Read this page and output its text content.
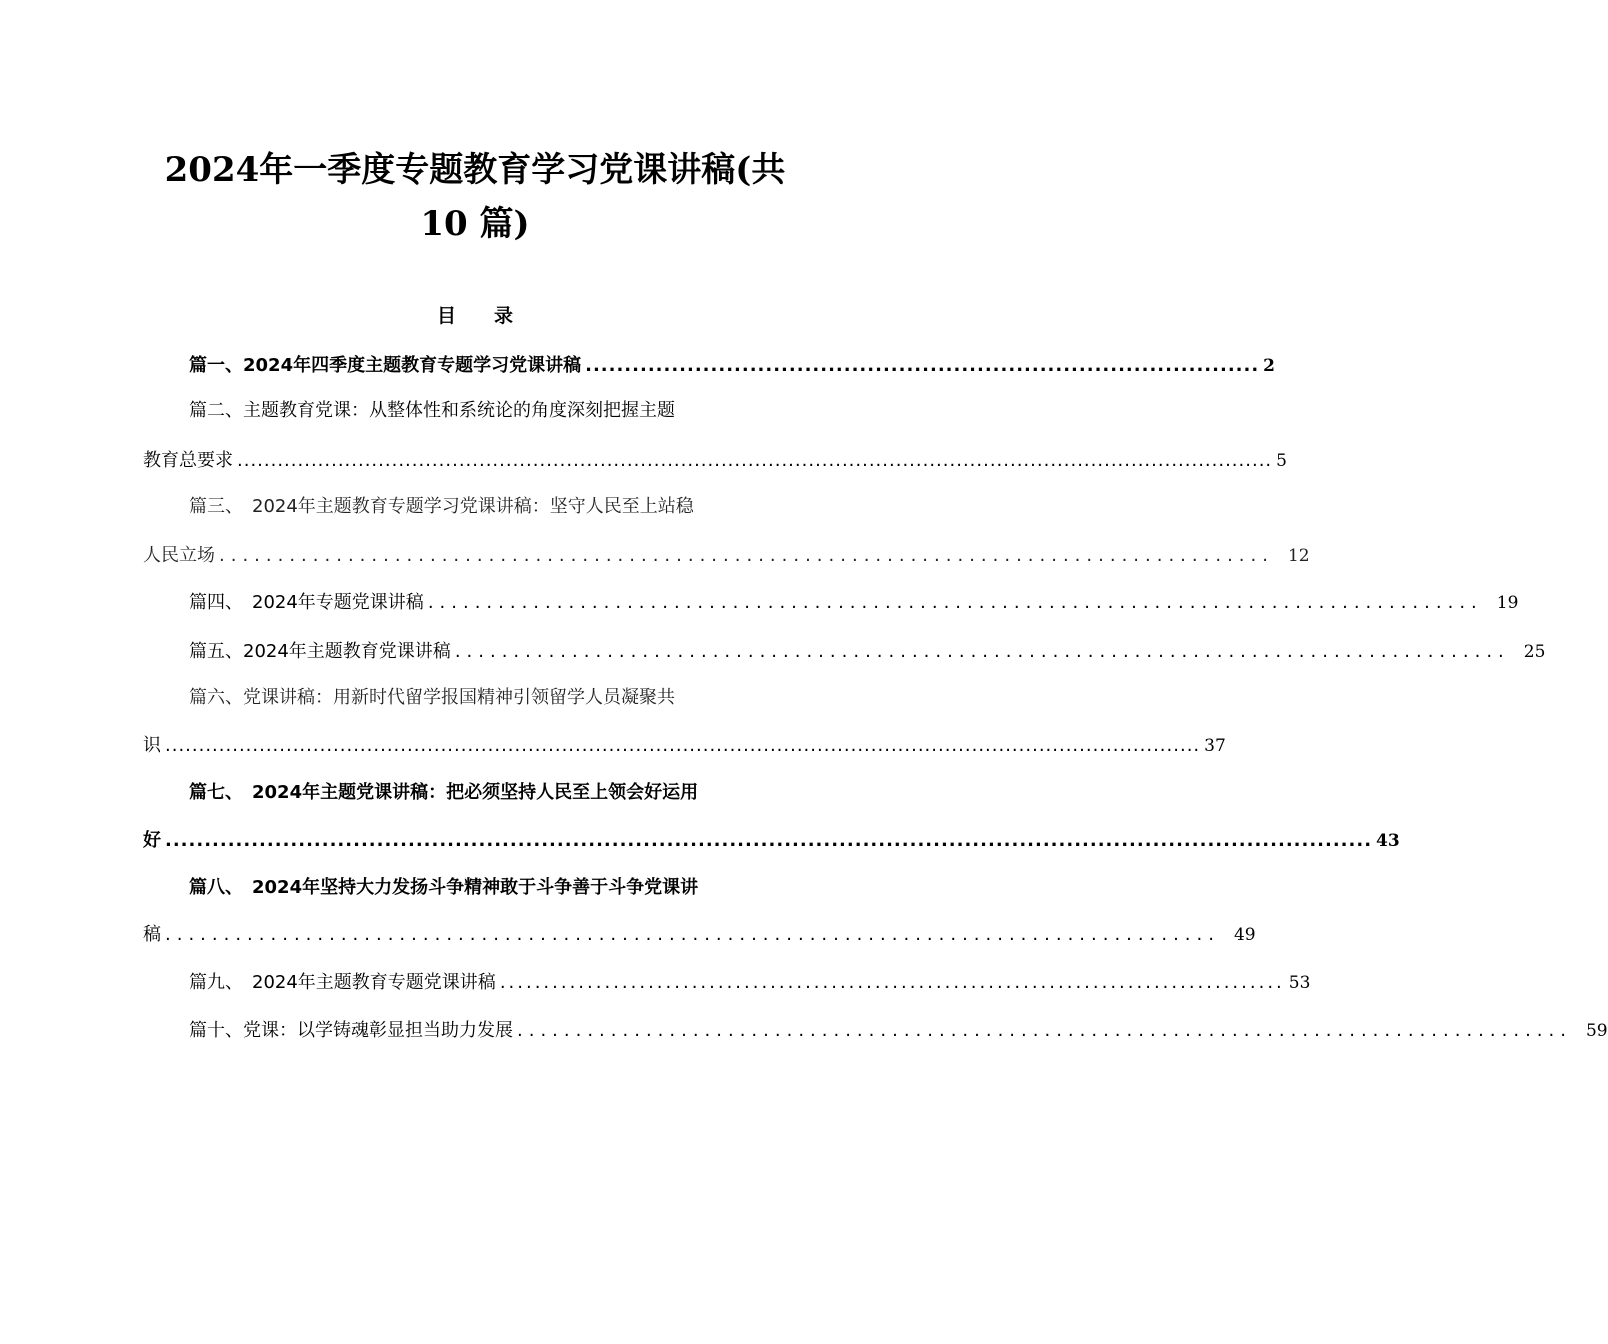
2024年一季度专题教育学习党课讲稿(共
10 篇)
目　　录
篇一、2024年四季度主题教育专题学习党课讲稿 ...................................................................................... 2
篇二、主题教育党课：从整体性和系统论的角度深刻把握主题
教育总要求 .......................................................................................................................................................... 5
篇三、　2024年主题教育专题学习党课讲稿：坚守人民至上站稳
人民立场 .......................................................................................... 12
篇四、　2024年专题党课讲稿 .......................................................................................... 19
篇五、2024年主题教育党课讲稿 .......................................................................................... 25
篇六、党课讲稿：用新时代留学报国精神引领留学人员凝聚共
识 .......................................................................................................................................................... 37
篇七、　2024年主题党课讲稿：把必须坚持人民至上领会好运用
好 .......................................................................................................................................................... 43
篇八、　2024年坚持大力发扬斗争精神敢于斗争善于斗争党课讲
稿 .......................................................................................... 49
篇九、　2024年主题教育专题党课讲稿 .......................................................................................... 53
篇十、党课：以学铸魂彰显担当助力发展 .......................................................................................... 59
